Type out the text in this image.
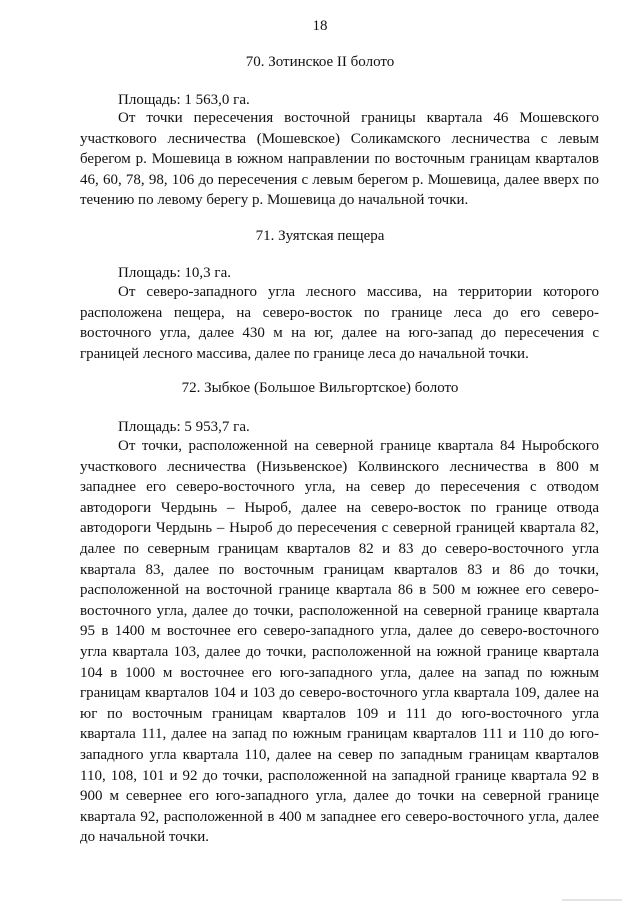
18
70. Зотинское II болото
Площадь: 1 563,0 га.

От точки пересечения восточной границы квартала 46 Мошевского участкового лесничества (Мошевское) Соликамского лесничества с левым берегом р. Мошевица в южном направлении по восточным границам кварталов 46, 60, 78, 98, 106 до пересечения с левым берегом р. Мошевица, далее вверх по течению по левому берегу р. Мошевица до начальной точки.

71. Зуятская пещера
Площадь: 10,3 га.

От северо-западного угла лесного массива, на территории которого расположена пещера, на северо-восток по границе леса до его северо-восточного угла, далее 430 м на юг, далее на юго-запад до пересечения с границей лесного массива, далее по границе леса до начальной точки.

72. Зыбкое (Большое Вильгортское) болото
Площадь: 5 953,7 га.

От точки, расположенной на северной границе квартала 84 Ныробского участкового лесничества (Низьвенское) Колвинского лесничества в 800 м западнее его северо-восточного угла, на север до пересечения с отводом автодороги Чердынь – Ныроб, далее на северо-восток по границе отвода автодороги Чердынь – Ныроб до пересечения с северной границей квартала 82, далее по северным границам кварталов 82 и 83 до северо-восточного угла квартала 83, далее по восточным границам кварталов 83 и 86 до точки, расположенной на восточной границе квартала 86 в 500 м южнее его северо-восточного угла, далее до точки, расположенной на северной границе квартала 95 в 1400 м восточнее его северо-западного угла, далее до северо-восточного угла квартала 103, далее до точки, расположенной на южной границе квартала 104 в 1000 м восточнее его юго-западного угла, далее на запад по южным границам кварталов 104 и 103 до северо-восточного угла квартала 109, далее на юг по восточным границам кварталов 109 и 111 до юго-восточного угла квартала 111, далее на запад по южным границам кварталов 111 и 110 до юго-западного угла квартала 110, далее на север по западным границам кварталов 110, 108, 101 и 92 до точки, расположенной на западной границе квартала 92 в 900 м севернее его юго-западного угла, далее до точки на северной границе квартала 92, расположенной в 400 м западнее его северо-восточного угла, далее до начальной точки.
